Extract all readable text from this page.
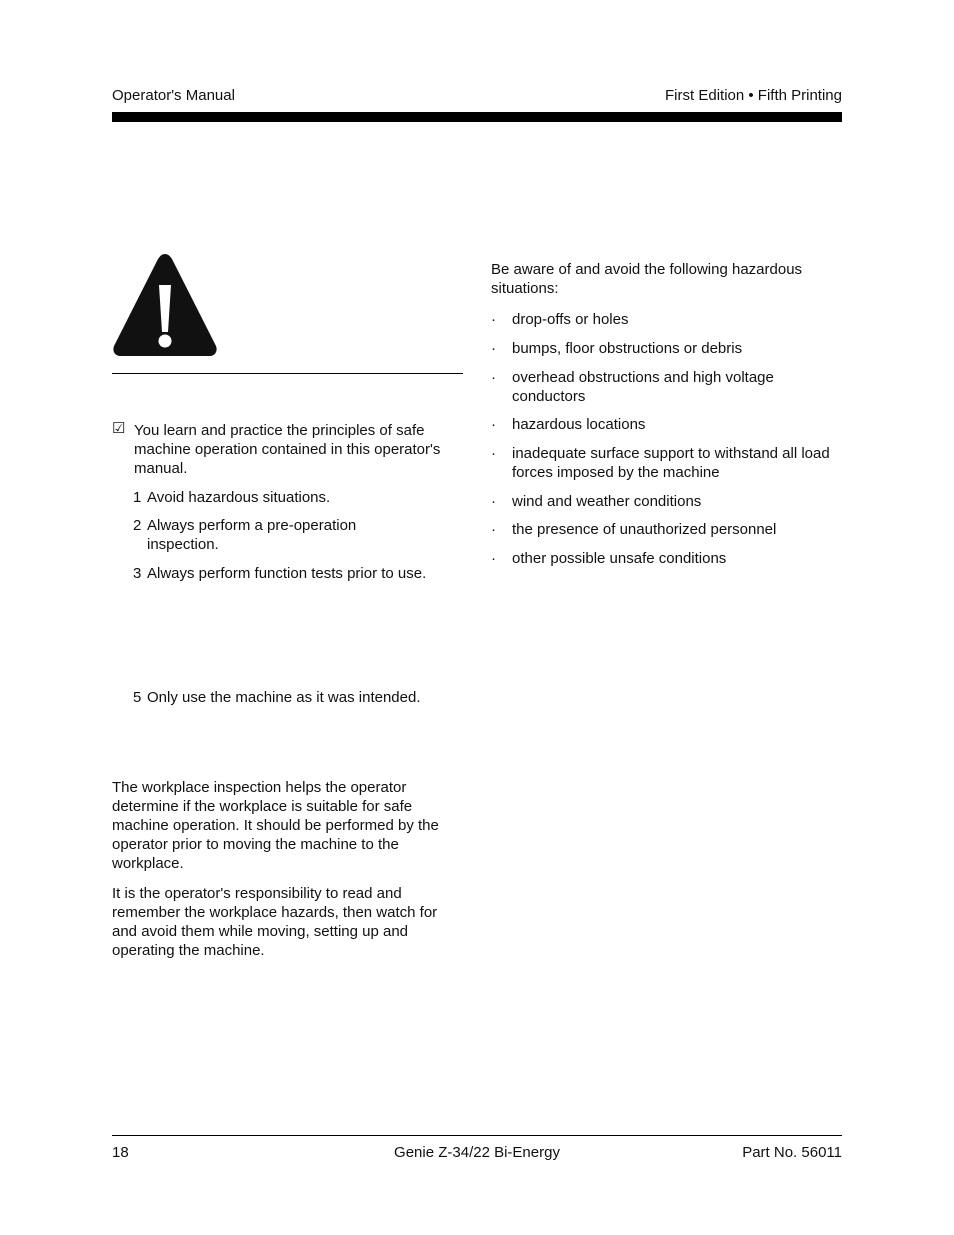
Operator's Manual	First Edition • Fifth Printing
☑ You learn and practice the principles of safe machine operation contained in this operator's manual.
1 Avoid hazardous situations.
2 Always perform a pre-operation inspection.
3 Always perform function tests prior to use.
5 Only use the machine as it was intended.
The workplace inspection helps the operator determine if the workplace is suitable for safe machine operation. It should be performed by the operator prior to moving the machine to the workplace.
It is the operator's responsibility to read and remember the workplace hazards, then watch for and avoid them while moving, setting up and operating the machine.
Be aware of and avoid the following hazardous situations:
·	drop-offs or holes
·	bumps, floor obstructions or debris
·	overhead obstructions and high voltage conductors
·	hazardous locations
·	inadequate surface support to withstand all load forces imposed by the machine
·	wind and weather conditions
·	the presence of unauthorized personnel
·	other possible unsafe conditions
18	Genie Z-34/22 Bi-Energy	Part No. 56011
